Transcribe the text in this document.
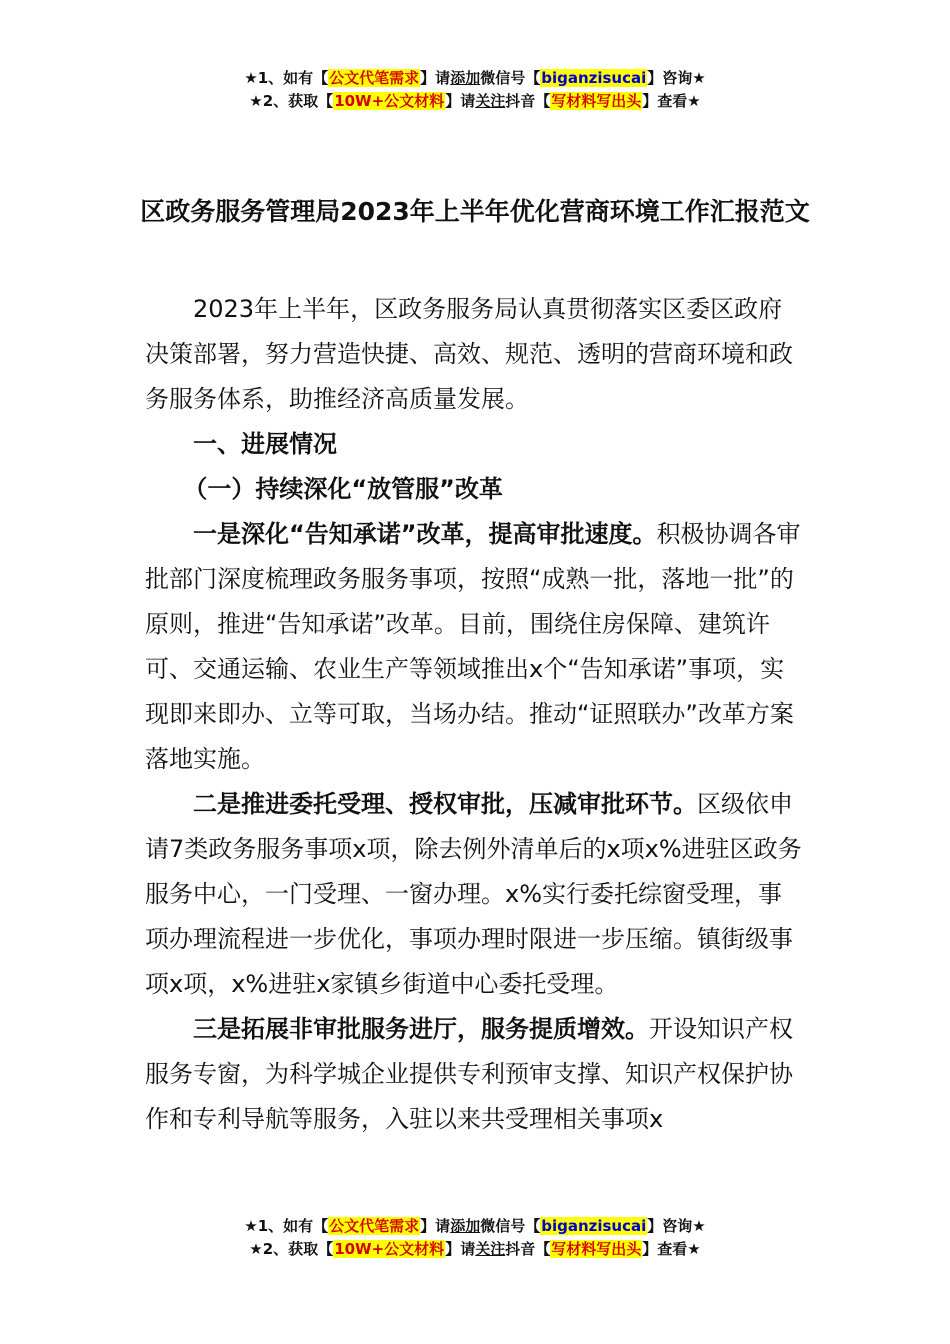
★1、如有【公文代笔需求】请添加微信号【biganzisucai】咨询★
★2、获取【10W+公文材料】请关注抖音【写材料写出头】查看★
区政务服务管理局2023年上半年优化营商环境工作汇报范文

2023年上半年，区政务服务局认真贯彻落实区委区政府决策部署，努力营造快捷、高效、规范、透明的营商环境和政务服务体系，助推经济高质量发展。

一、进展情况

（一）持续深化“放管服”改革

一是深化“告知承诺”改革，提高审批速度。积极协调各审批部门深度梳理政务服务事项，按照“成熟一批，落地一批”的原则，推进“告知承诺”改革。目前，围绕住房保障、建筑许可、交通运输、农业生产等领域推出x个“告知承诺”事项，实现即来即办、立等可取，当场办结。推动“证照联办”改革方案落地实施。

二是推进委托受理、授权审批，压减审批环节。区级依申请7类政务服务事项x项，除去例外清单后的x项x%进驻区政务服务中心，一门受理、一窗办理。x%实行委托综窗受理，事项办理流程进一步优化，事项办理时限进一步压缩。镇街级事项x项，x%进驻x家镇乡街道中心委托受理。

三是拓展非审批服务进厅，服务提质增效。开设知识产权服务专窗，为科学城企业提供专利预审支撑、知识产权保护协作和专利导航等服务，入驻以来共受理相关事项x

★1、如有【公文代笔需求】请添加微信号【biganzisucai】咨询★
★2、获取【10W+公文材料】请关注抖音【写材料写出头】查看★
